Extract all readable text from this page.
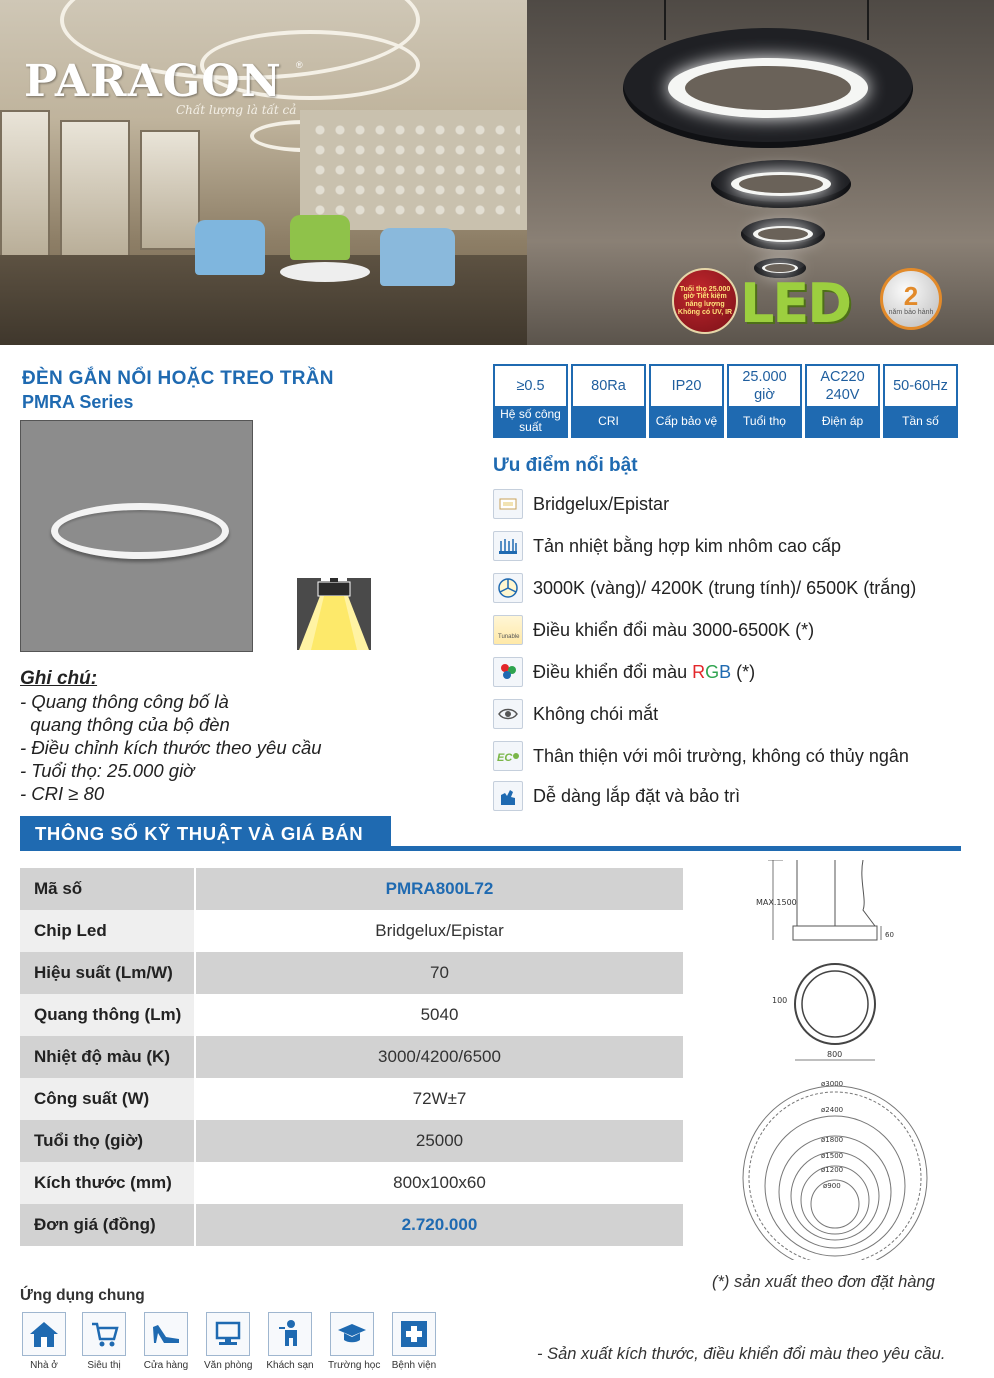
PARAGON ®
Chất lượng là tất cả
Tuổi thọ 25.000 giờ Tiết kiệm năng lượng Không có UV, IR LED 2
năm bảo hành
ĐÈN GẮN NỔI HOẶC TREO TRẦN
PMRA Series
Ghi chú:
- Quang thông công bố là
quang thông của bộ đèn
- Điều chỉnh kích thước theo yêu cầu
- Tuổi thọ: 25.000 giờ
- CRI ≥ 80
≥0.5
Hệ số công suất
80Ra
CRI
IP20
Cấp bảo vệ
25.000 giờ
Tuổi thọ
AC220 240V
Điện áp
50-60Hz
Tần số
Ưu điểm nổi bật
Bridgelux/Epistar
Tản nhiệt bằng hợp kim nhôm cao cấp
3000K (vàng)/ 4200K (trung tính)/ 6500K (trắng)
Tunable Điều khiển đổi màu 3000-6500K (*)
Điều khiển đổi màu RGB (*)
Không chói mắt
EC Thân thiện với môi trường, không có thủy ngân
Dễ dàng lắp đặt và bảo trì
THÔNG SỐ KỸ THUẬT VÀ GIÁ BÁN
Mã số	PMRA800L72
Chip Led	Bridgelux/Epistar
Hiệu suất (Lm/W)	70
Quang thông (Lm)	5040
Nhiệt độ màu (K)	3000/4200/6500
Công suất (W)	72W±7
Tuổi thọ (giờ)	25000
Kích thước (mm)	800x100x60
Đơn giá (đồng)	2.720.000
MAX.1500
60
100
800
ø3000
ø2400
ø1800
ø1500
ø1200
ø900
(*) sản xuất theo đơn đặt hàng
Ứng dụng chung
Nhà ở	Siêu thị	Cửa hàng Văn phòng Khách sạn Trường học Bệnh viện
- Sản xuất kích thước, điều khiển đổi màu theo yêu cầu.
